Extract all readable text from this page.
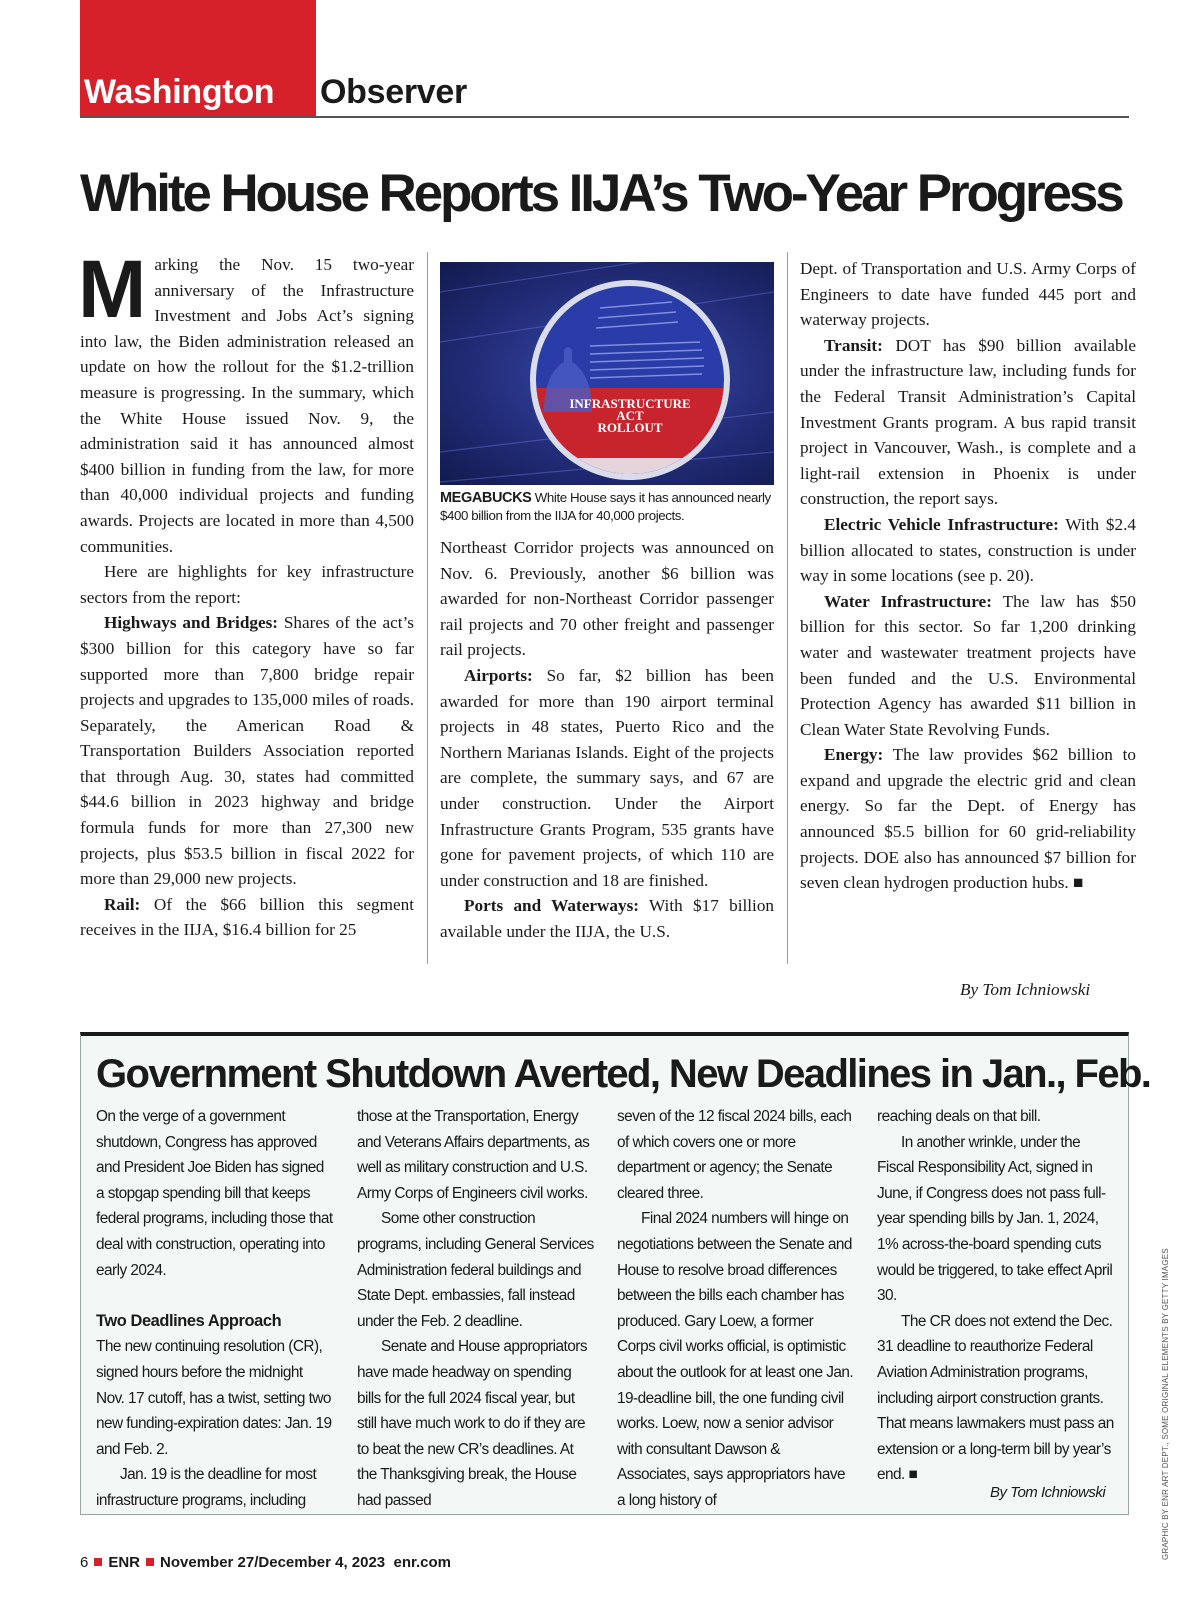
Washington Observer
White House Reports IIJA’s Two-Year Progress

Marking the Nov. 15 two-year anniversary of the Infrastructure Investment and Jobs Act’s signing into law, the Biden administration released an update on how the rollout for the $1.2-trillion measure is progressing. In the summary, which the White House issued Nov. 9, the administration said it has announced almost $400 billion in funding from the law, for more than 40,000 individual projects and funding awards. Projects are located in more than 4,500 communities.

Here are highlights for key infrastructure sectors from the report:

Highways and Bridges: Shares of the act’s $300 billion for this category have so far supported more than 7,800 bridge repair projects and upgrades to 135,000 miles of roads. Separately, the American Road & Transportation Builders Association reported that through Aug. 30, states had committed $44.6 billion in 2023 highway and bridge formula funds for more than 27,300 new projects, plus $53.5 billion in fiscal 2022 for more than 29,000 new projects.

Rail: Of the $66 billion this segment receives in the IIJA, $16.4 billion for 25

INFRASTRUCTURE
ACT
ROLLOUT
MEGABUCKS White House says it has announced nearly $400 billion from the IIJA for 40,000 projects.

Northeast Corridor projects was announced on Nov. 6. Previously, another $6 billion was awarded for non-Northeast Corridor passenger rail projects and 70 other freight and passenger rail projects.

Airports: So far, $2 billion has been awarded for more than 190 airport terminal projects in 48 states, Puerto Rico and the Northern Marianas Islands. Eight of the projects are complete, the summary says, and 67 are under construction. Under the Airport Infrastructure Grants Program, 535 grants have gone for pavement projects, of which 110 are under construction and 18 are finished.

Ports and Waterways: With $17 billion available under the IIJA, the U.S.

Dept. of Transportation and U.S. Army Corps of Engineers to date have funded 445 port and waterway projects.

Transit: DOT has $90 billion available under the infrastructure law, including funds for the Federal Transit Administration’s Capital Investment Grants program. A bus rapid transit project in Vancouver, Wash., is complete and a light-rail extension in Phoenix is under construction, the report says.

Electric Vehicle Infrastructure: With $2.4 billion allocated to states, construction is under way in some locations (see p. 20).

Water Infrastructure: The law has $50 billion for this sector. So far 1,200 drinking water and wastewater treatment projects have been funded and the U.S. Environmental Protection Agency has awarded $11 billion in Clean Water State Revolving Funds.

Energy: The law provides $62 billion to expand and upgrade the electric grid and clean energy. So far the Dept. of Energy has announced $5.5 billion for 60 grid-reliability projects. DOE also has announced $7 billion for seven clean hydrogen production hubs. ■

By Tom Ichniowski
Government Shutdown Averted, New Deadlines in Jan., Feb.

On the verge of a government shutdown, Congress has approved and President Joe Biden has signed a stopgap spending bill that keeps federal programs, including those that deal with construction, operating into early 2024.

Two Deadlines Approach

The new continuing resolution (CR), signed hours before the midnight Nov. 17 cutoff, has a twist, setting two new funding-expiration dates: Jan. 19 and Feb. 2.

Jan. 19 is the deadline for most infrastructure programs, including

those at the Transportation, Energy and Veterans Affairs departments, as well as military construction and U.S. Army Corps of Engineers civil works.

Some other construction programs, including General Services Administration federal buildings and State Dept. embassies, fall instead under the Feb. 2 deadline.

Senate and House appropriators have made headway on spending bills for the full 2024 fiscal year, but still have much work to do if they are to beat the new CR’s deadlines. At the Thanksgiving break, the House had passed

seven of the 12 fiscal 2024 bills, each of which covers one or more department or agency; the Senate cleared three.

Final 2024 numbers will hinge on negotiations between the Senate and House to resolve broad differences between the bills each chamber has produced. Gary Loew, a former Corps civil works official, is optimistic about the outlook for at least one Jan. 19-deadline bill, the one funding civil works. Loew, now a senior advisor with consultant Dawson & Associates, says appropriators have a long history of

reaching deals on that bill.

In another wrinkle, under the Fiscal Responsibility Act, signed in June, if Congress does not pass full-year spending bills by Jan. 1, 2024, 1% across-the-board spending cuts would be triggered, to take effect April 30.

The CR does not extend the Dec. 31 deadline to reauthorize Federal Aviation Administration programs, including airport construction grants. That means lawmakers must pass an extension or a long-term bill by year’s end. ■

By Tom Ichniowski	GRAPHIC BY ENR ART DEPT., SOME ORIGINAL ELEMENTS BY GETTY IMAGES
6 ENR November 27/December 4, 2023 enr.com
